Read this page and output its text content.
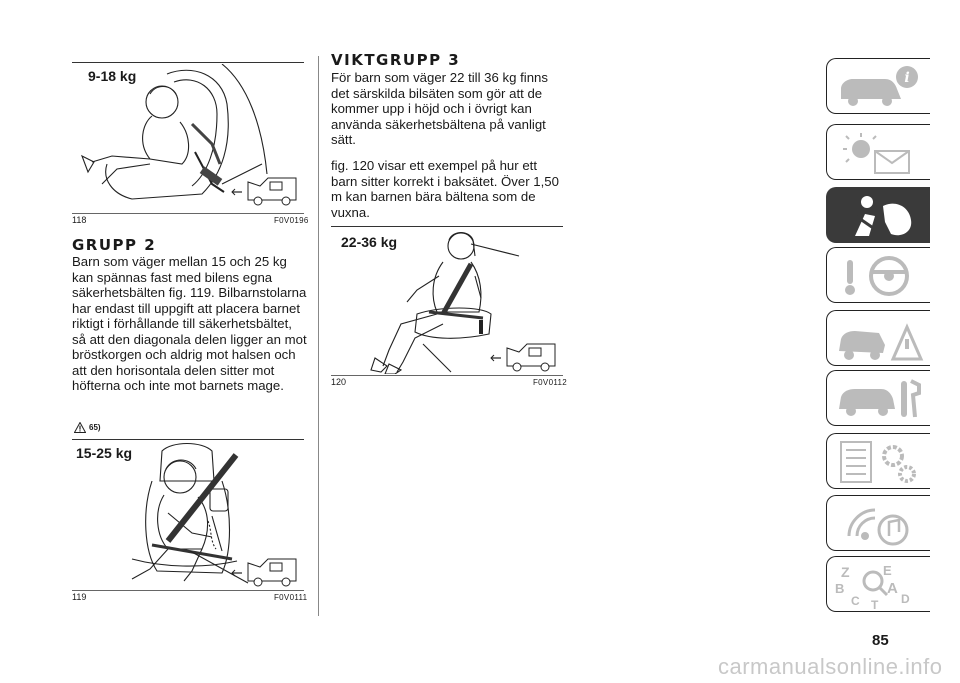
9-18 kg
118	F0V0196
GRUPP 2

Barn som väger mellan 15 och 25 kg kan spännas fast med bilens egna säkerhetsbälten fig. 119. Bilbarnstolarna har endast till uppgift att placera barnet riktigt i förhållande till säkerhetsbältet, så att den diagonala delen ligger an mot bröstkorgen och aldrig mot halsen och att den horisontala delen sitter mot höfterna och inte mot barnets mage.

65)
15-25 kg
119	F0V0111
VIKTGRUPP 3

För barn som väger 22 till 36 kg finns det särskilda bilsäten som gör att de kommer upp i höjd och i övrigt kan använda säkerhetsbältena på vanligt sätt.

fig. 120 visar ett exempel på hur ett barn sitter korrekt i baksätet. Över 1,50 m kan barnen bära bältena som de vuxna.

22-36 kg
120	F0V0112
i
Z	E
B	A
C	D
T
85
carmanualsonline.info
